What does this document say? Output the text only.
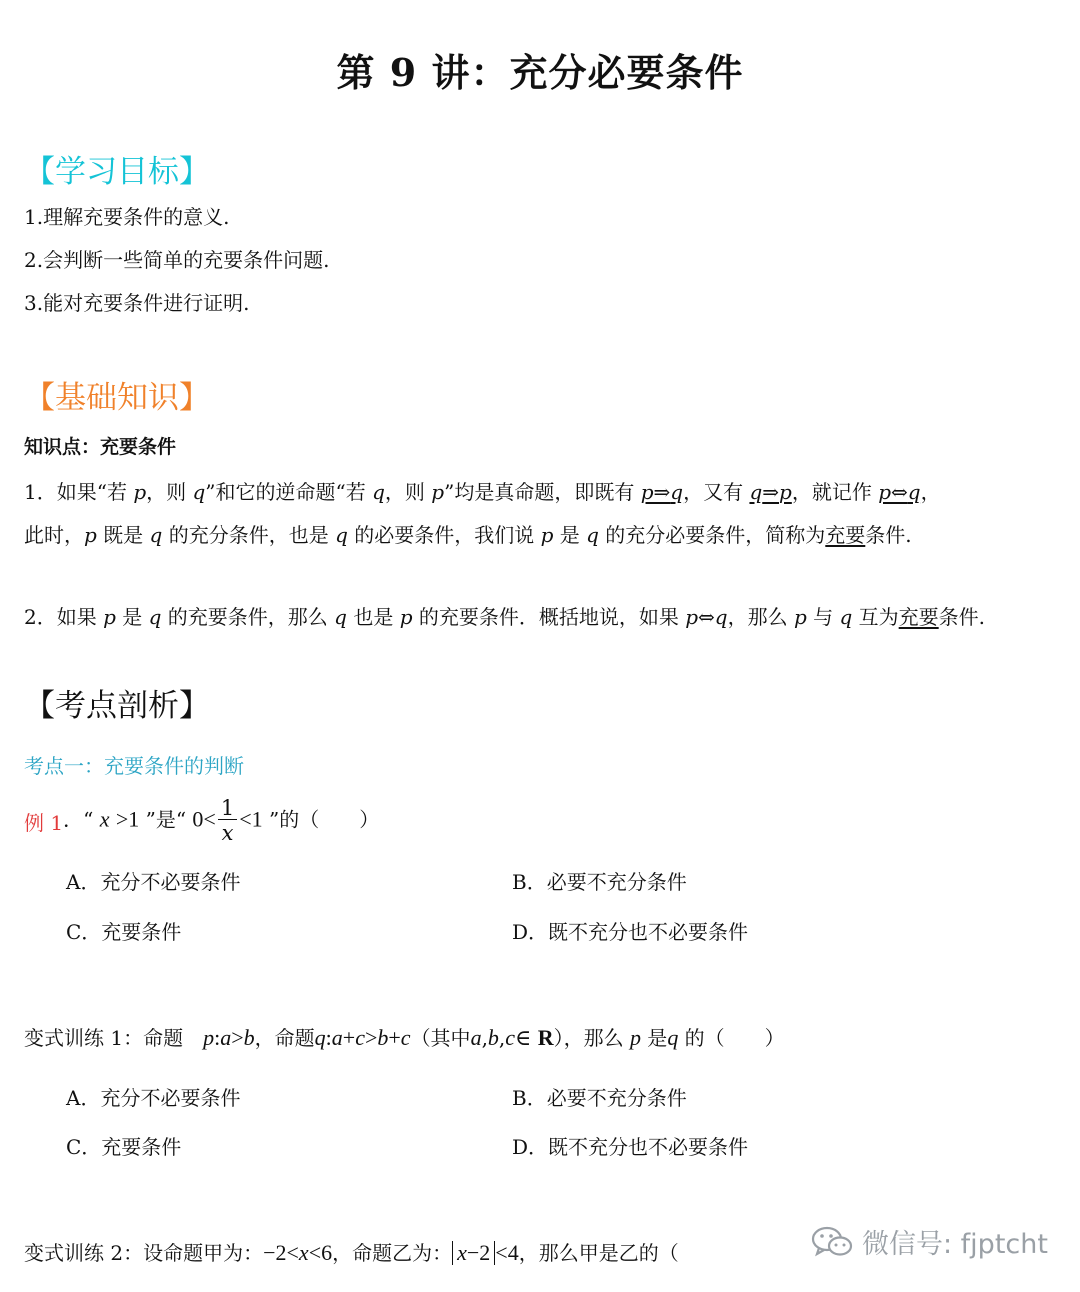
第 9 讲：充分必要条件
【学习目标】
1.理解充要条件的意义.
2.会判断一些简单的充要条件问题.
3.能对充要条件进行证明.
【基础知识】
知识点：充要条件
1．如果“若 p，则 q”和它的逆命题“若 q，则 p”均是真命题，即既有 p⇒q，又有 q⇒p，就记作 p⇔q，
此时，p 既是 q 的充分条件，也是 q 的必要条件，我们说 p 是 q 的充分必要条件，简称为充要条件.
2．如果 p 是 q 的充要条件，那么 q 也是 p 的充要条件．概括地说，如果 p⇔q，那么 p 与 q 互为充要条件.
【考点剖析】
考点一：充要条件的判断
例 1 ．“ x >1 ”是“ $0< \frac{1}{x} <1$ ”的（　　）
A．充分不必要条件	B．必要不充分条件
C．充要条件	D．既不充分也不必要条件
变式训练 1：命题　p:a>b，命题q:a+c>b+c（其中a,b,c∈ R），那么 p 是q 的（　　）
A．充分不必要条件	B．必要不充分条件
C．充要条件	D．既不充分也不必要条件
变式训练 2：设命题甲为：−2<x<6，命题乙为： x−2 <4，那么甲是乙的（	微信号: fjptcht
